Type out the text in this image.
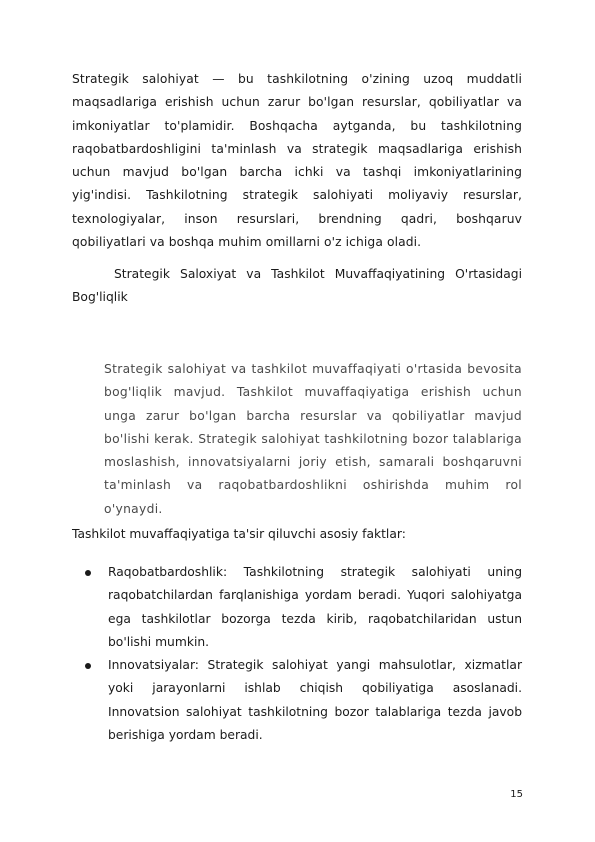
Strategik salohiyat — bu tashkilotning o'zining uzoq muddatli maqsadlariga erishish uchun zarur bo'lgan resurslar, qobiliyatlar va imkoniyatlar to'plamidir. Boshqacha aytganda, bu tashkilotning raqobatbardoshligini ta'minlash va strategik maqsadlariga erishish uchun mavjud bo'lgan barcha ichki va tashqi imkoniyatlarining yig'indisi. Tashkilotning strategik salohiyati moliyaviy resurslar, texnologiyalar, inson resurslari, brendning qadri, boshqaruv qobiliyatlari va boshqa muhim omillarni o'z ichiga oladi.

Strategik Saloxiyat va Tashkilot Muvaffaqiyatining O'rtasidagi Bog'liqlik

Strategik salohiyat va tashkilot muvaffaqiyati o'rtasida bevosita bog'liqlik mavjud. Tashkilot muvaffaqiyatiga erishish uchun unga zarur bo'lgan barcha resurslar va qobiliyatlar mavjud bo'lishi kerak. Strategik salohiyat tashkilotning bozor talablariga moslashish, innovatsiyalarni joriy etish, samarali boshqaruvni ta'minlash va raqobatbardoshlikni oshirishda muhim rol o'ynaydi.

Tashkilot muvaffaqiyatiga ta'sir qiluvchi asosiy faktlar:

Raqobatbardoshlik: Tashkilotning strategik salohiyati uning raqobatchilardan farqlanishiga yordam beradi. Yuqori salohiyatga ega tashkilotlar bozorga tezda kirib, raqobatchilaridan ustun bo'lishi mumkin.
Innovatsiyalar: Strategik salohiyat yangi mahsulotlar, xizmatlar yoki jarayonlarni ishlab chiqish qobiliyatiga asoslanadi. Innovatsion salohiyat tashkilotning bozor talablariga tezda javob berishiga yordam beradi.
15
